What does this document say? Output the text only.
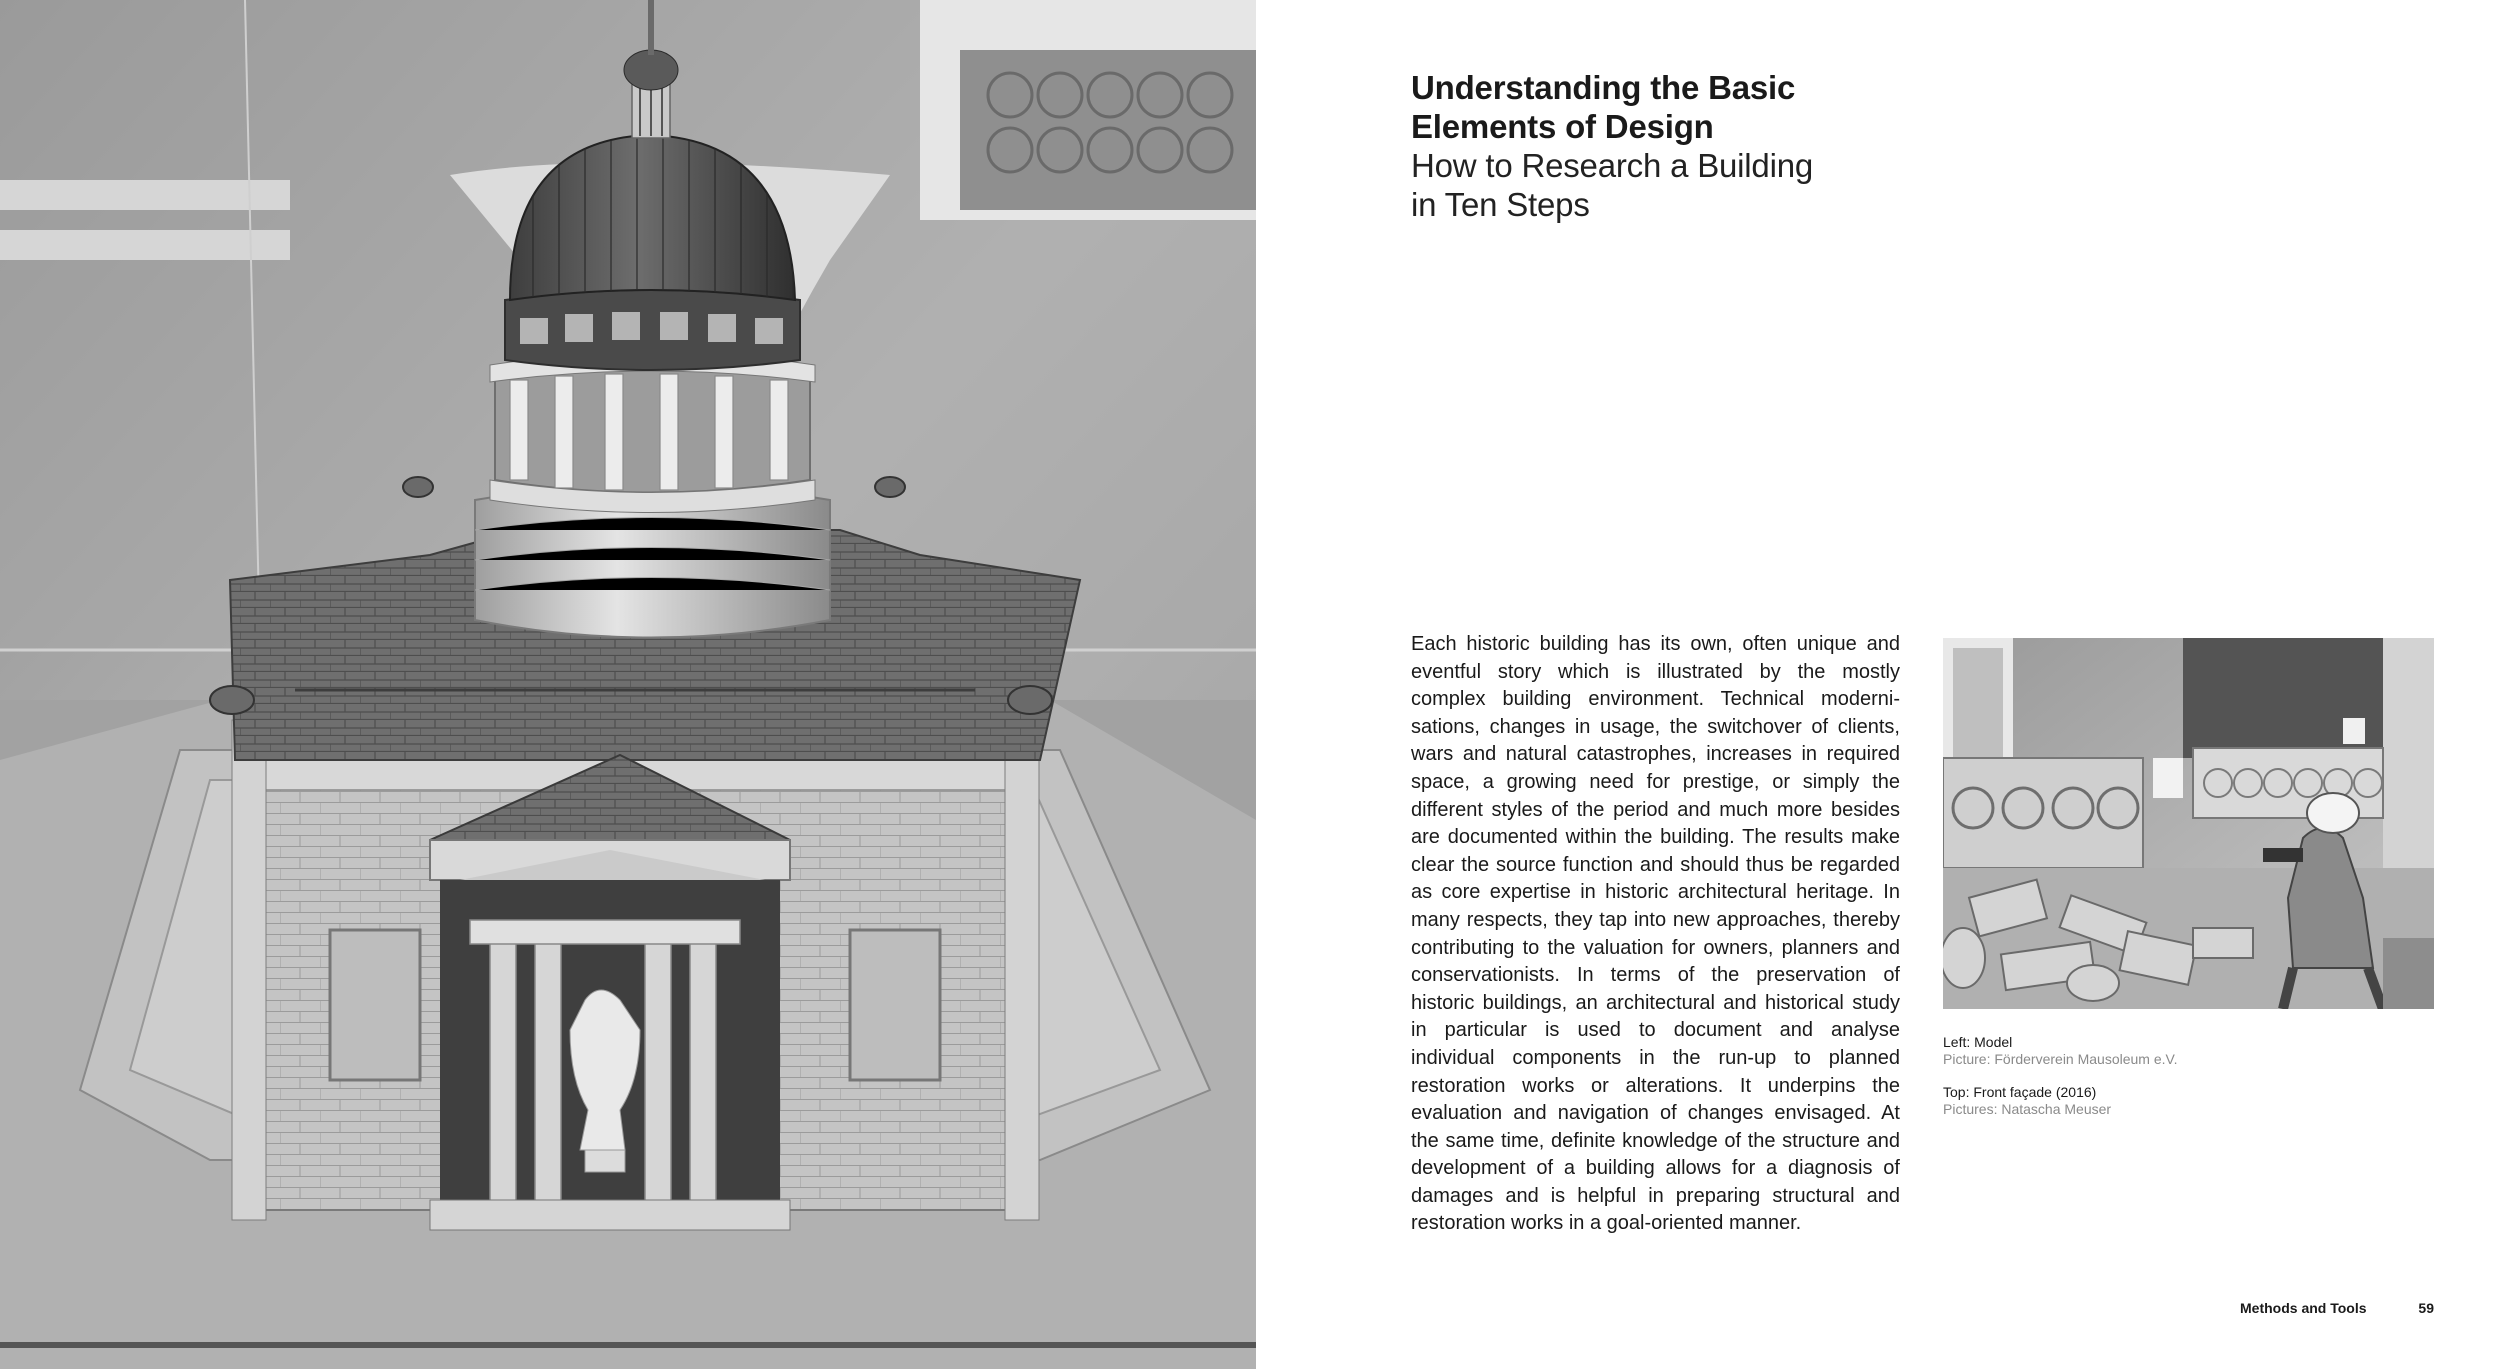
Understanding the Basic
Elements of Design
How to Research a Building
in Ten Steps

Each historic building has its own, often unique and eventful story which is illustrated by the mostly complex building environment. Technical modernisations, changes in usage, the switchover of clients, wars and natural catastrophes, increases in required space, a growing need for prestige, or simply the different styles of the period and much more besides are documented within the building. The results make clear the source function and should thus be regarded as core expertise in historic architectural heritage. In many respects, they tap into new approaches, thereby contributing to the valuation for owners, planners and conservationists. In terms of the preservation of historic buildings, an architectural and historical study in particular is used to document and analyse individual components in the run-up to planned restoration works or alterations. It underpins the evaluation and navigation of changes envisaged. At the same time, definite knowledge of the structure and development of a building allows for a diagnosis of damages and is helpful in preparing structural and restoration works in a goal-oriented manner.

Left: Model
Picture: Förderverein Mausoleum e.V.
Top: Front façade (2016)
Pictures: Natascha Meuser
Methods and Tools	59
